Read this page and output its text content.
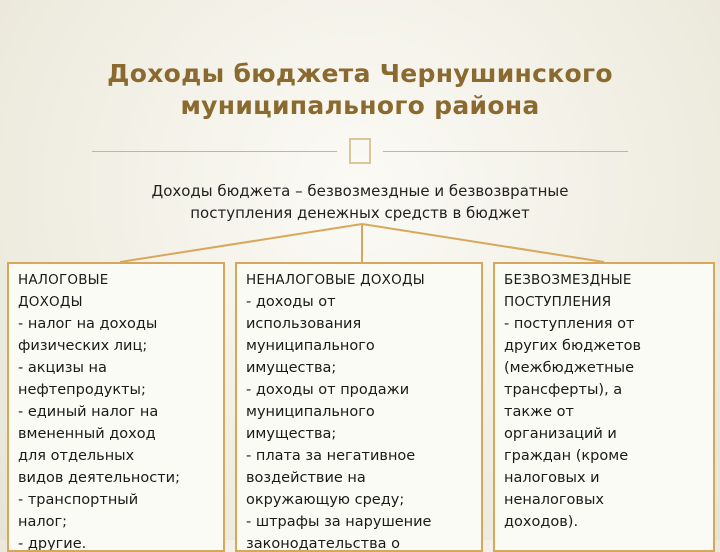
Доходы бюджета Чернушинского
муниципального района
Доходы бюджета – безвозмездные и безвозвратные
поступления денежных средств в бюджет
НАЛОГОВЫЕ
ДОХОДЫ
- налог на доходы
физических лиц;
- акцизы на
нефтепродукты;
- единый налог на
вмененный доход
для отдельных
видов деятельности;
- транспортный
налог;
- другие.
НЕНАЛОГОВЫЕ ДОХОДЫ
- доходы от
использования
муниципального
имущества;
- доходы от продажи
муниципального
имущества;
- плата за негативное
воздействие на
окружающую среду;
- штрафы за нарушение
законодательства о
БЕЗВОЗМЕЗДНЫЕ
ПОСТУПЛЕНИЯ
- поступления от
других бюджетов
(межбюджетные
трансферты), а
также от
организаций и
граждан (кроме
налоговых и
неналоговых
доходов).
